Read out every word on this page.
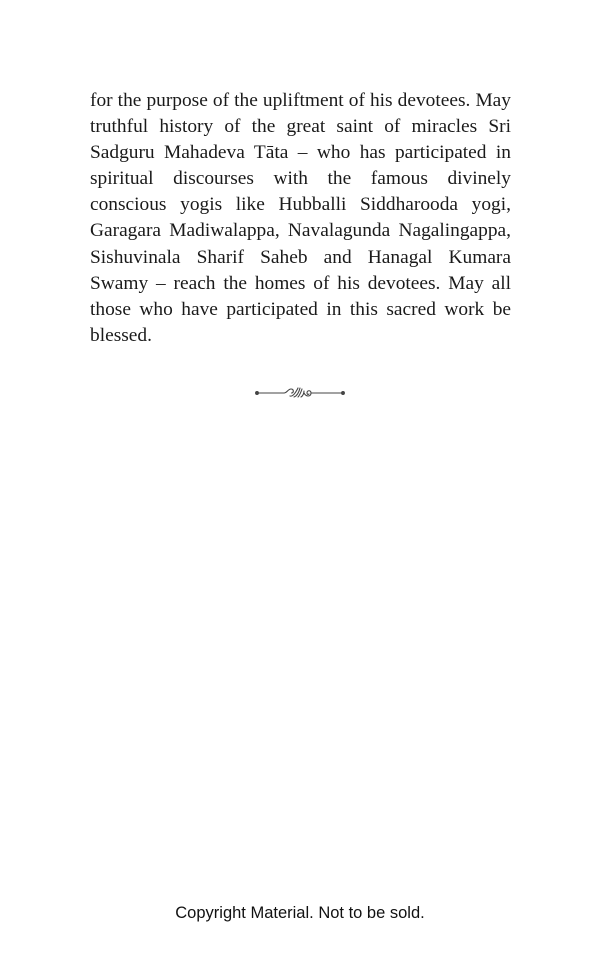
for the purpose of the upliftment of his devotees. May truthful history of the great saint of miracles Sri Sadguru Mahadeva Tāta – who has participated in spiritual discourses with the famous divinely conscious yogis like Hubballi Siddharooda yogi, Garagara Madiwalappa, Navalagunda Nagalingappa, Sishuvinala Sharif Saheb and Hanagal Kumara Swamy – reach the homes of his devotees. May all those who have participated in this sacred work be blessed.

Copyright Material. Not to be sold.
